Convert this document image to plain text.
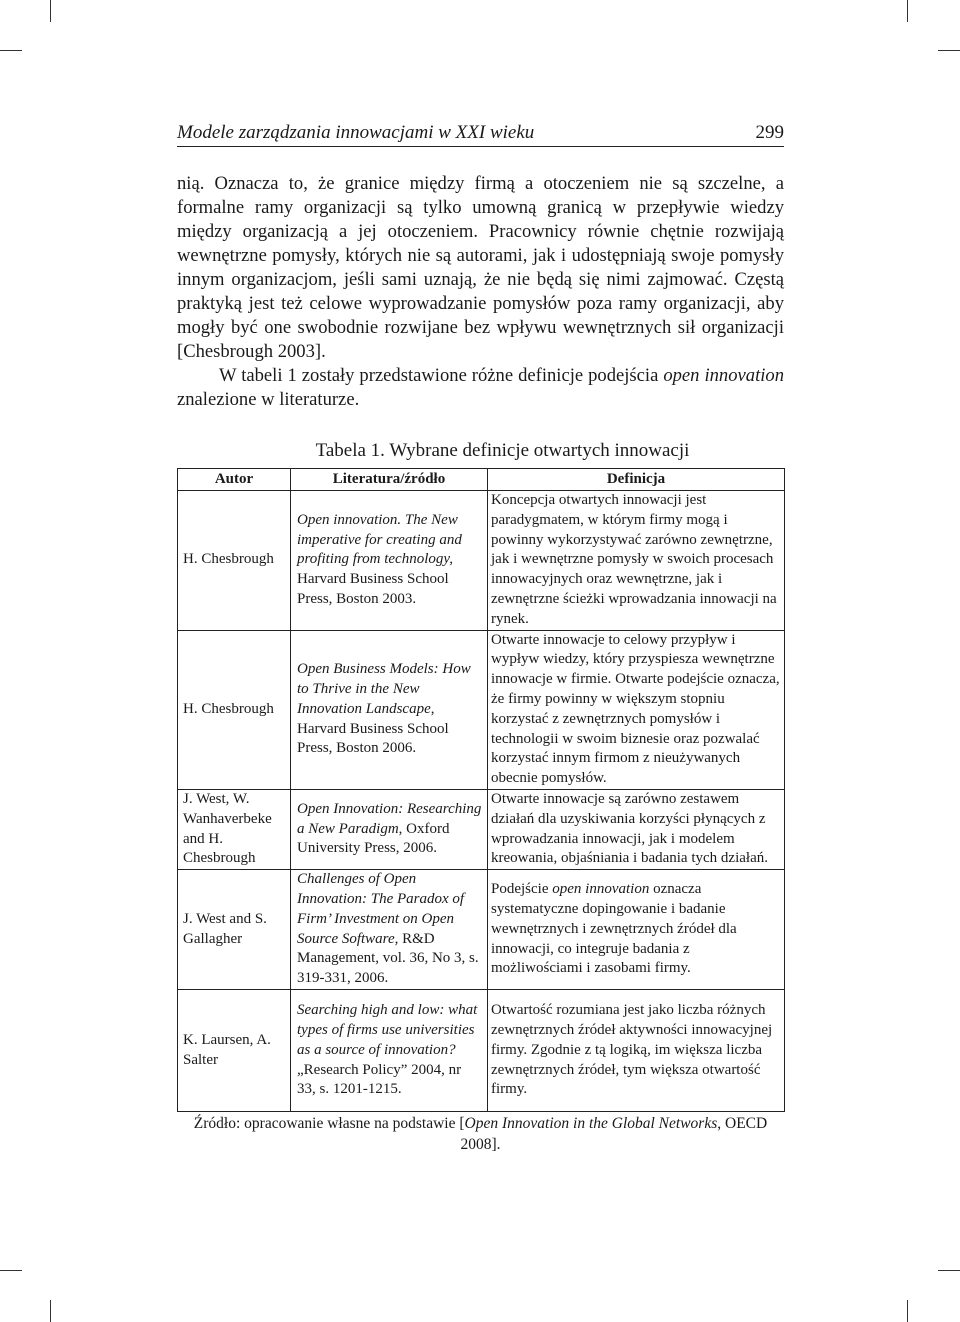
Modele zarządzania innowacjami w XXI wieku	299

nią. Oznacza to, że granice między firmą a otoczeniem nie są szczelne, a formalne ramy organizacji są tylko umowną granicą w przepływie wiedzy między organizacją a jej otoczeniem. Pracownicy równie chętnie rozwijają wewnętrzne pomysły, których nie są autorami, jak i udostępniają swoje pomysły innym organizacjom, jeśli sami uznają, że nie będą się nimi zajmować. Częstą praktyką jest też celowe wyprowadzanie pomysłów poza ramy organizacji, aby mogły być one swobodnie rozwijane bez wpływu wewnętrznych sił organizacji [Chesbrough 2003].

W tabeli 1 zostały przedstawione różne definicje podejścia open innovation znalezione w literaturze.

Tabela 1. Wybrane definicje otwartych innowacji
Autor	Literatura/źródło	Definicja
H. Chesbrough	Open innovation. The New imperative for creating and profiting from technology, Harvard Business School Press, Boston 2003.	Koncepcja otwartych innowacji jest paradygmatem, w którym firmy mogą i powinny wykorzystywać zarówno zewnętrzne, jak i wewnętrzne pomysły w swoich procesach innowacyjnych oraz wewnętrzne, jak i zewnętrzne ścieżki wprowadzania innowacji na rynek.
H. Chesbrough	Open Business Models: How to Thrive in the New Innovation Landscape, Harvard Business School Press, Boston 2006.	Otwarte innowacje to celowy przypływ i wypływ wiedzy, który przyspiesza wewnętrzne innowacje w firmie. Otwarte podejście oznacza, że firmy powinny w większym stopniu korzystać z zewnętrznych pomysłów i technologii w swoim biznesie oraz pozwalać korzystać innym firmom z nieużywanych obecnie pomysłów.
J. West, W. Wanhaverbeke and H. Chesbrough	Open Innovation: Researching a New Paradigm, Oxford University Press, 2006.	Otwarte innowacje są zarówno zestawem działań dla uzyskiwania korzyści płynących z wprowadzania innowacji, jak i modelem kreowania, objaśniania i badania tych działań.
J. West and S. Gallagher	Challenges of Open Innovation: The Paradox of Firm’ Investment on Open Source Software, R&D Management, vol. 36, No 3, s. 319-331, 2006.	Podejście open innovation oznacza systematyczne dopingowanie i badanie wewnętrznych i zewnętrznych źródeł dla innowacji, co integruje badania z możliwościami i zasobami firmy.
K. Laursen, A. Salter	Searching high and low: what types of firms use universities as a source of innovation? „Research Policy” 2004, nr 33, s. 1201-1215.	Otwartość rozumiana jest jako liczba różnych zewnętrznych źródeł aktywności innowacyjnej firmy. Zgodnie z tą logiką, im większa liczba zewnętrznych źródeł, tym większa otwartość firmy.
Źródło: opracowanie własne na podstawie [Open Innovation in the Global Networks, OECD 2008].
